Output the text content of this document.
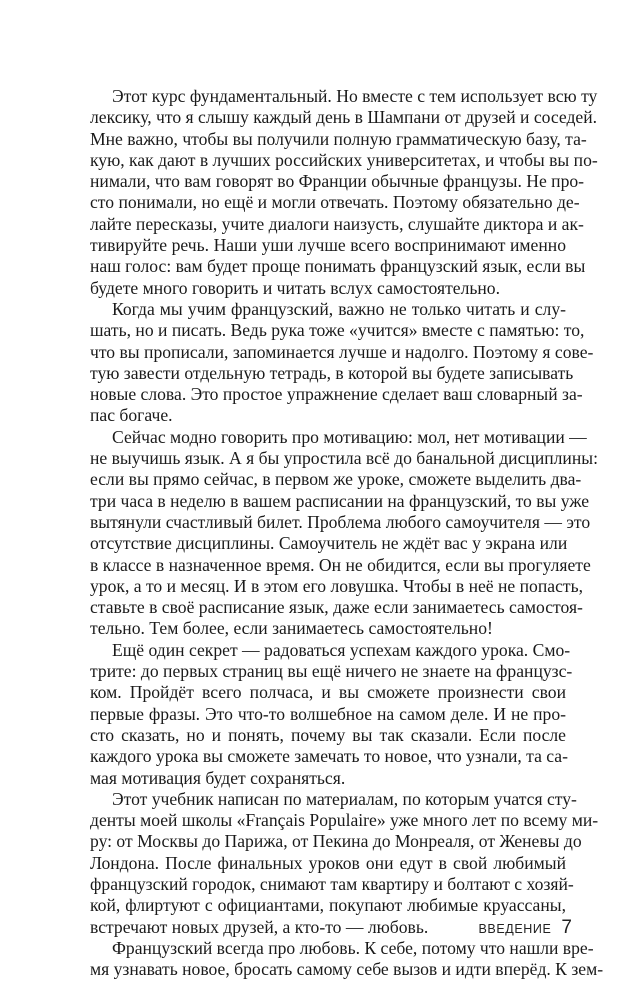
Этот курс фундаментальный. Но вместе с тем использует всю ту
лексику, что я слышу каждый день в Шампани от друзей и соседей.
Мне важно, чтобы вы получили полную грамматическую базу, та-
кую, как дают в лучших российских университетах, и чтобы вы по-
нимали, что вам говорят во Франции обычные французы. Не про-
сто понимали, но ещё и могли отвечать. Поэтому обязательно де-
лайте пересказы, учите диалоги наизусть, слушайте диктора и ак-
тивируйте речь. Наши уши лучше всего воспринимают именно
наш голос: вам будет проще понимать французский язык, если вы
будете много говорить и читать вслух самостоятельно.
Когда мы учим французский, важно не только читать и слу-
шать, но и писать. Ведь рука тоже «учится» вместе с памятью: то,
что вы прописали, запоминается лучше и надолго. Поэтому я сове-
тую завести отдельную тетрадь, в которой вы будете записывать
новые слова. Это простое упражнение сделает ваш словарный за-
пас богаче.
Сейчас модно говорить про мотивацию: мол, нет мотивации —
не выучишь язык. А я бы упростила всё до банальной дисциплины:
если вы прямо сейчас, в первом же уроке, сможете выделить два-
три часа в неделю в вашем расписании на французский, то вы уже
вытянули счастливый билет. Проблема любого самоучителя — это
отсутствие дисциплины. Самоучитель не ждёт вас у экрана или
в классе в назначенное время. Он не обидится, если вы прогуляете
урок, а то и месяц. И в этом его ловушка. Чтобы в неё не попасть,
ставьте в своё расписание язык, даже если занимаетесь самостоя-
тельно. Тем более, если занимаетесь самостоятельно!
Ещё один секрет — радоваться успехам каждого урока. Смо-
трите: до первых страниц вы ещё ничего не знаете на французс-
ком. Пройдёт всего полчаса, и вы сможете произнести свои
первые фразы. Это что-то волшебное на самом деле. И не про-
сто сказать, но и понять, почему вы так сказали. Если после
каждого урока вы сможете замечать то новое, что узнали, та са-
мая мотивация будет сохраняться.
Этот учебник написан по материалам, по которым учатся сту-
денты моей школы «Français Populaire» уже много лет по всему ми-
ру: от Москвы до Парижа, от Пекина до Монреаля, от Женевы до
Лондона. После финальных уроков они едут в свой любимый
французский городок, снимают там квартиру и болтают с хозяй-
кой, флиртуют с официантами, покупают любимые круассаны,
встречают новых друзей, а кто-то — любовь.
Французский всегда про любовь. К себе, потому что нашли вре-
мя узнавать новое, бросать самому себе вызов и идти вперёд. К зем-
ВВЕДЕНИЕ 7
